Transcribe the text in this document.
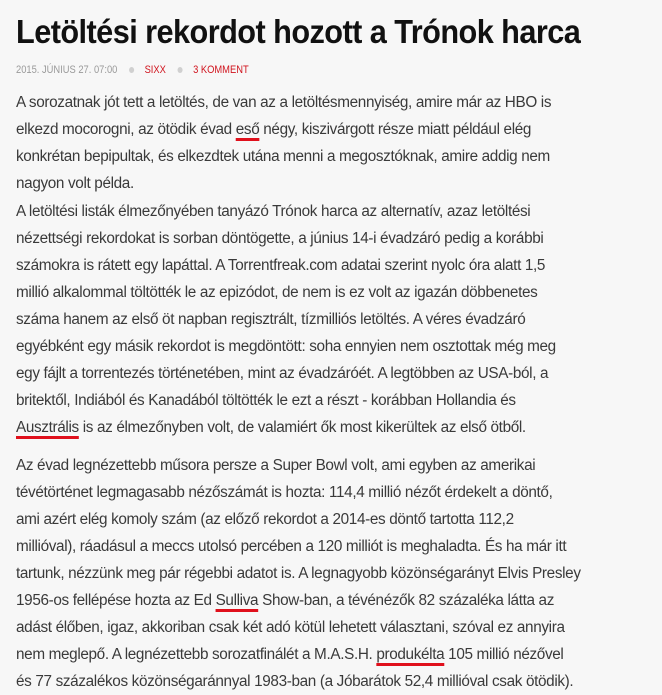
Letöltési rekordot hozott a Trónok harca
2015. JÚNIUS 27. 07:00 SIXX 3 KOMMENT

A sorozatnak jót tett a letöltés, de van az a letöltésmennyiség, amire már az HBO is
elkezd mocorogni, az ötödik évad eső négy, kiszivárgott része miatt például elég
konkrétan bepipultak, és elkezdtek utána menni a megosztóknak, amire addig nem
nagyon volt példa.

A letöltési listák élmezőnyében tanyázó Trónok harca az alternatív, azaz letöltési
nézettségi rekordokat is sorban döntögette, a június 14-i évadzáró pedig a korábbi
számokra is rátett egy lapáttal. A Torrentfreak.com adatai szerint nyolc óra alatt 1,5
millió alkalommal töltötték le az epizódot, de nem is ez volt az igazán döbbenetes
száma hanem az első öt napban regisztrált, tízmilliós letöltés. A véres évadzáró
egyébként egy másik rekordot is megdöntött: soha ennyien nem osztottak még meg
egy fájlt a torrentezés történetében, mint az évadzáróét. A legtöbben az USA-ból, a
britektől, Indiából és Kanadából töltötték le ezt a részt - korábban Hollandia és
Ausztrális is az élmezőnyben volt, de valamiért ők most kikerültek az első ötből.

Az évad legnézettebb műsora persze a Super Bowl volt, ami egyben az amerikai
tévétörténet legmagasabb nézőszámát is hozta: 114,4 millió nézőt érdekelt a döntő,
ami azért elég komoly szám (az előző rekordot a 2014-es döntő tartotta 112,2
millióval), ráadásul a meccs utolsó percében a 120 milliót is meghaladta. És ha már itt
tartunk, nézzünk meg pár régebbi adatot is. A legnagyobb közönségarányt Elvis Presley
1956-os fellépése hozta az Ed Sulliva Show-ban, a tévénézők 82 százaléka látta az
adást élőben, igaz, akkoriban csak két adó kötül lehetett választani, szóval ez annyira
nem meglepő. A legnézettebb sorozatfinálét a M.A.S.H. produkélta 105 millió nézővel
és 77 százalékos közönségaránnyal 1983-ban (a Jóbarátok 52,4 millióval csak ötödik).
